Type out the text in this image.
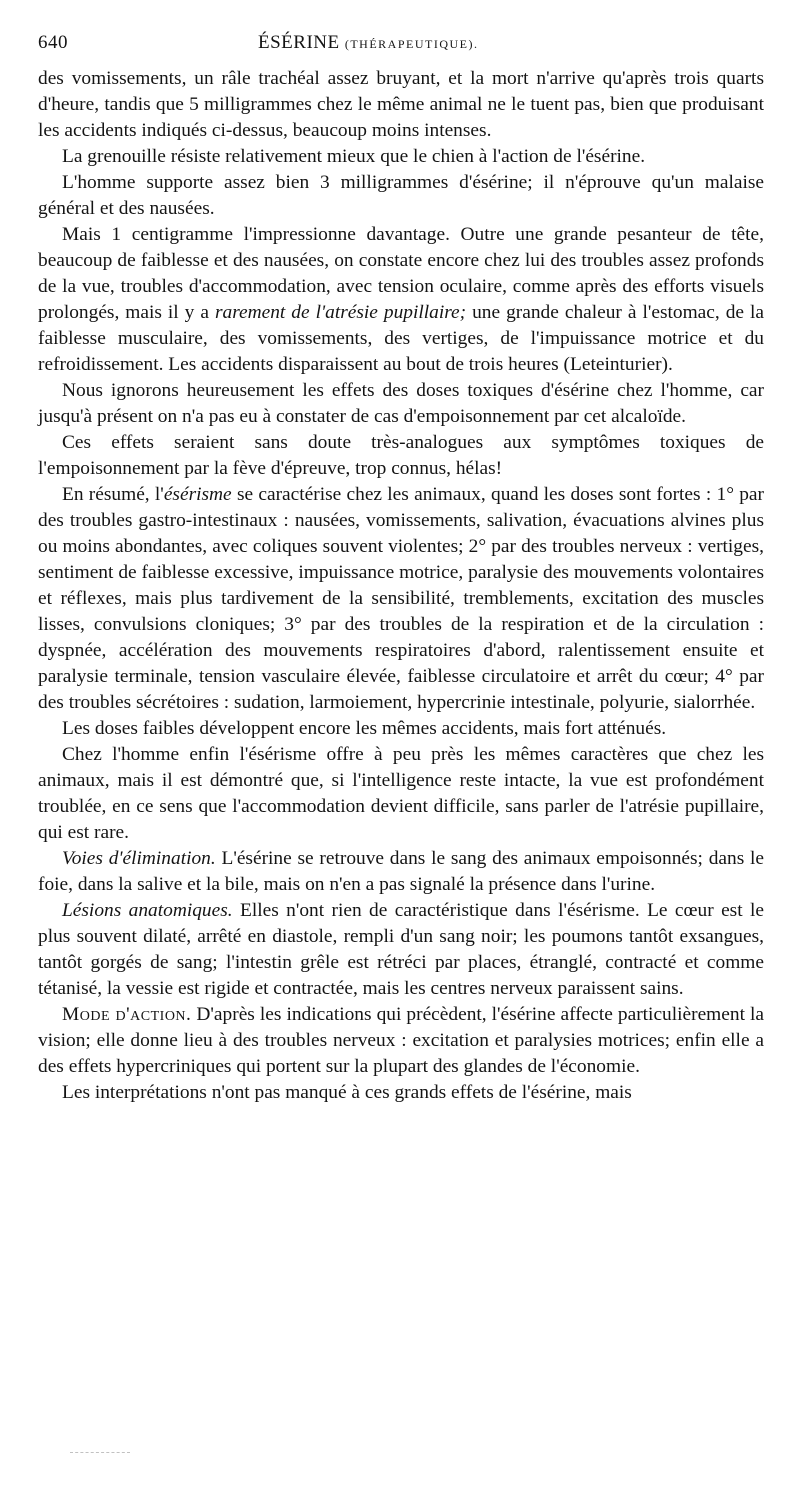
640	ÉSÉRINE (THÉRAPEUTIQUE).

des vomissements, un râle trachéal assez bruyant, et la mort n'arrive qu'après trois quarts d'heure, tandis que 5 milligrammes chez le même animal ne le tuent pas, bien que produisant les accidents indiqués ci-dessus, beaucoup moins intenses.

La grenouille résiste relativement mieux que le chien à l'action de l'ésérine.

L'homme supporte assez bien 3 milligrammes d'ésérine; il n'éprouve qu'un malaise général et des nausées.

Mais 1 centigramme l'impressionne davantage. Outre une grande pesanteur de tête, beaucoup de faiblesse et des nausées, on constate encore chez lui des troubles assez profonds de la vue, troubles d'accommodation, avec tension oculaire, comme après des efforts visuels prolongés, mais il y a rarement de l'atrésie pupillaire; une grande chaleur à l'estomac, de la faiblesse musculaire, des vomissements, des vertiges, de l'impuissance motrice et du refroidissement. Les accidents disparaissent au bout de trois heures (Leteinturier).

Nous ignorons heureusement les effets des doses toxiques d'ésérine chez l'homme, car jusqu'à présent on n'a pas eu à constater de cas d'empoisonnement par cet alcaloïde.

Ces effets seraient sans doute très-analogues aux symptômes toxiques de l'empoisonnement par la fève d'épreuve, trop connus, hélas!

En résumé, l'ésérisme se caractérise chez les animaux, quand les doses sont fortes : 1° par des troubles gastro-intestinaux : nausées, vomissements, salivation, évacuations alvines plus ou moins abondantes, avec coliques souvent violentes; 2° par des troubles nerveux : vertiges, sentiment de faiblesse excessive, impuissance motrice, paralysie des mouvements volontaires et réflexes, mais plus tardivement de la sensibilité, tremblements, excitation des muscles lisses, convulsions cloniques; 3° par des troubles de la respiration et de la circulation : dyspnée, accélération des mouvements respiratoires d'abord, ralentissement ensuite et paralysie terminale, tension vasculaire élevée, faiblesse circulatoire et arrêt du cœur; 4° par des troubles sécrétoires : sudation, larmoiement, hypercrinie intestinale, polyurie, sialorrhée.

Les doses faibles développent encore les mêmes accidents, mais fort atténués.

Chez l'homme enfin l'ésérisme offre à peu près les mêmes caractères que chez les animaux, mais il est démontré que, si l'intelligence reste intacte, la vue est profondément troublée, en ce sens que l'accommodation devient difficile, sans parler de l'atrésie pupillaire, qui est rare.

Voies d'élimination. L'ésérine se retrouve dans le sang des animaux empoisonnés; dans le foie, dans la salive et la bile, mais on n'en a pas signalé la présence dans l'urine.

Lésions anatomiques. Elles n'ont rien de caractéristique dans l'ésérisme. Le cœur est le plus souvent dilaté, arrêté en diastole, rempli d'un sang noir; les poumons tantôt exsangues, tantôt gorgés de sang; l'intestin grêle est rétréci par places, étranglé, contracté et comme tétanisé, la vessie est rigide et contractée, mais les centres nerveux paraissent sains.

Mode d'action. D'après les indications qui précèdent, l'ésérine affecte particulièrement la vision; elle donne lieu à des troubles nerveux : excitation et paralysies motrices; enfin elle a des effets hypercriniques qui portent sur la plupart des glandes de l'économie.

Les interprétations n'ont pas manqué à ces grands effets de l'ésérine, mais
